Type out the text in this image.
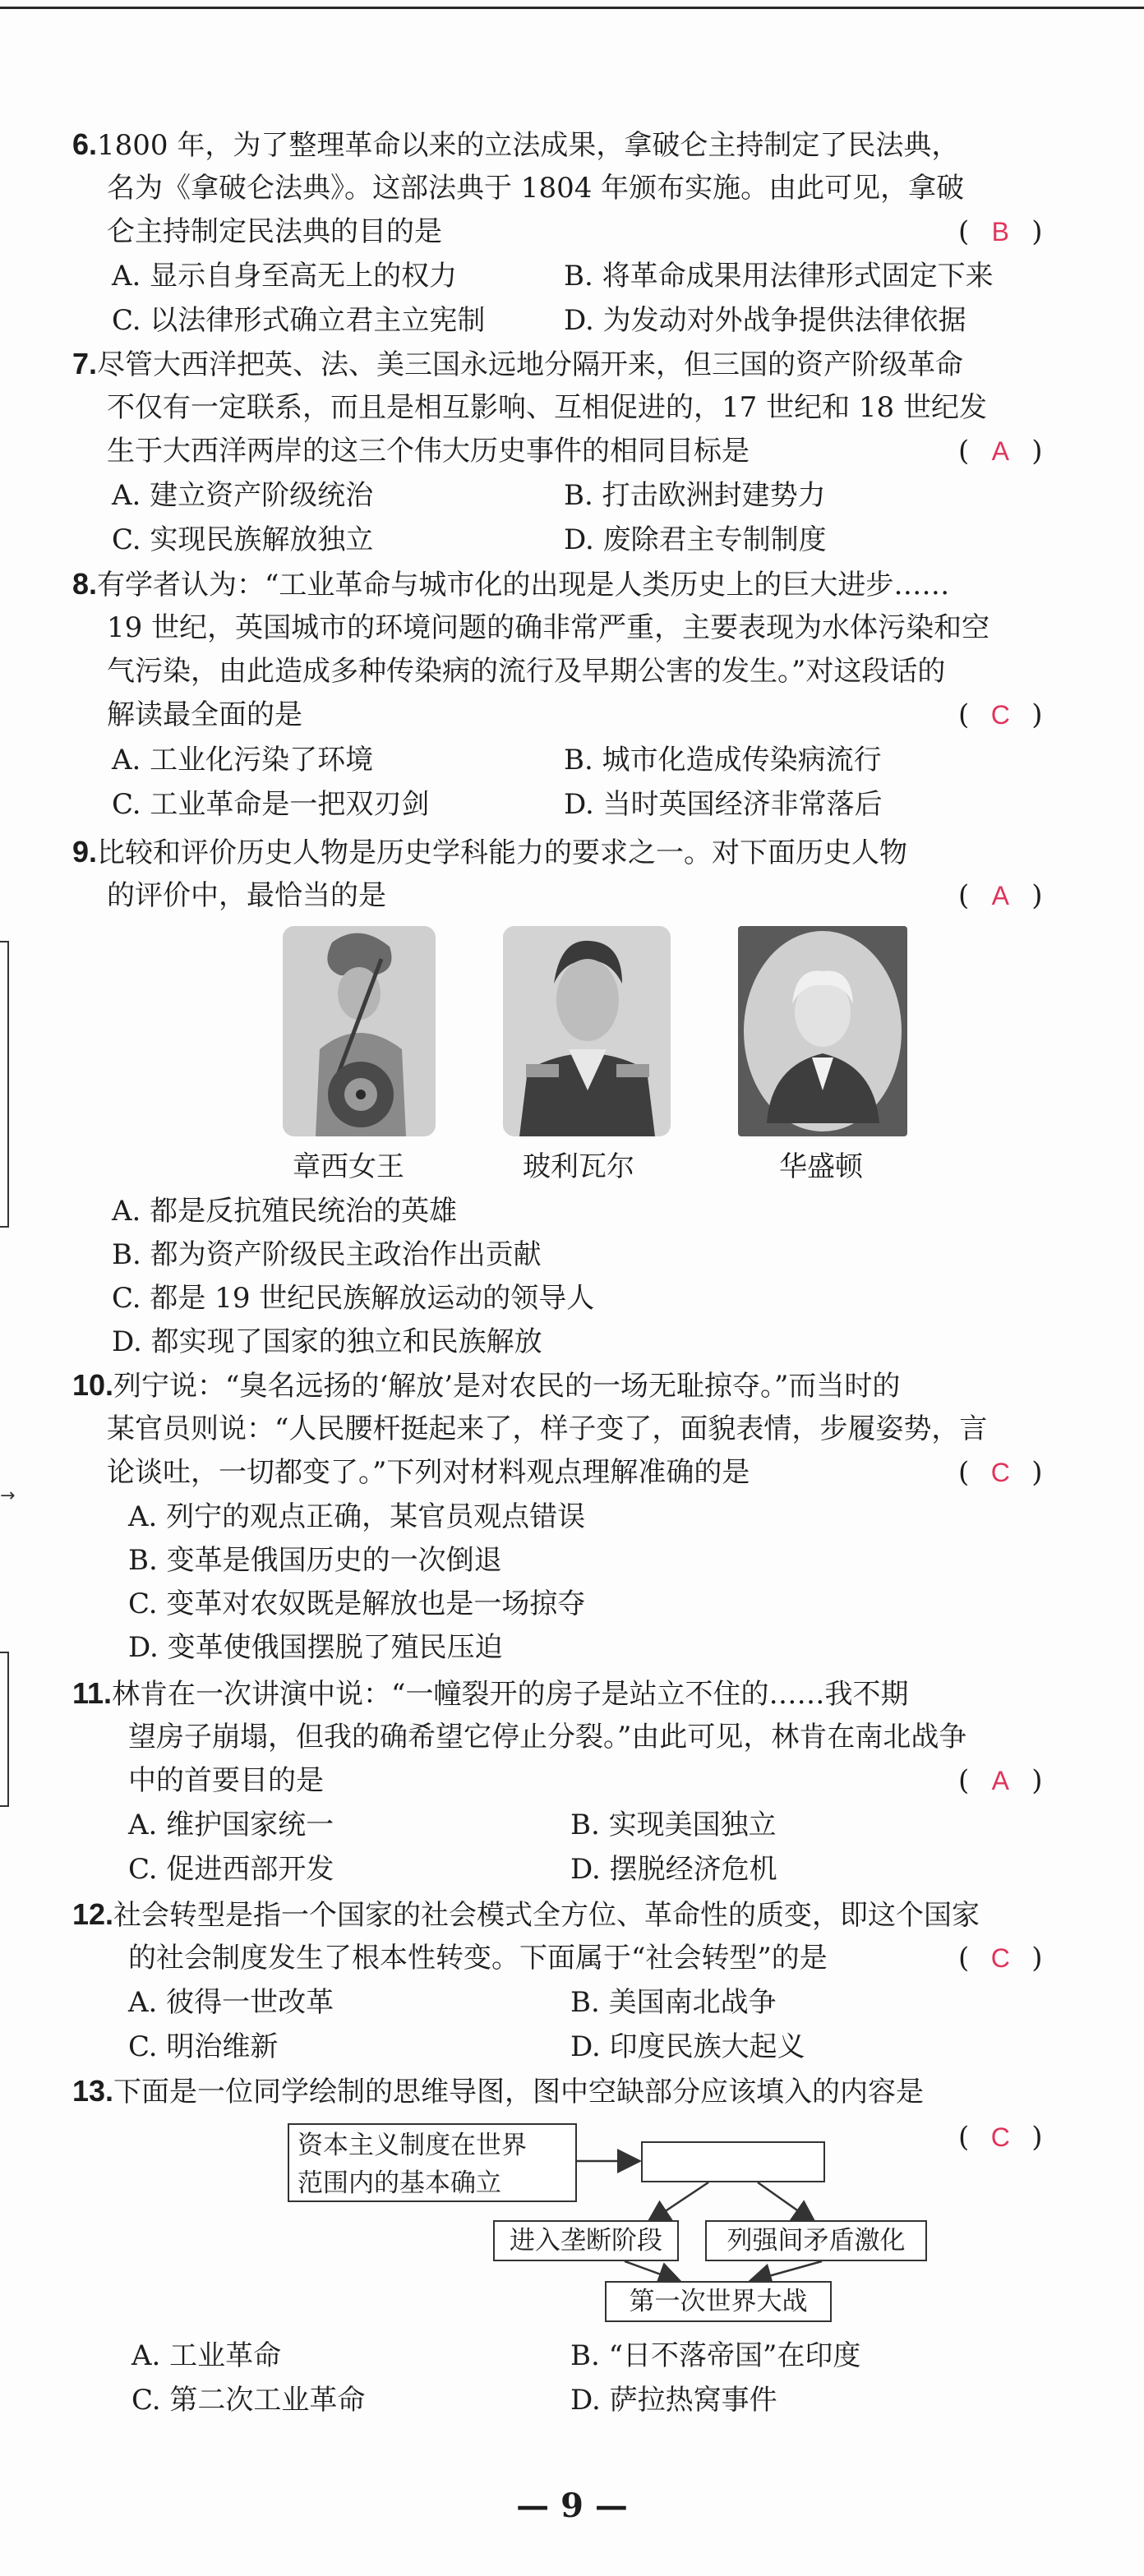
→
6.1800 年，为了整理革命以来的立法成果，拿破仑主持制定了民法典，
名为《拿破仑法典》。这部法典于 1804 年颁布实施。由此可见，拿破
仑主持制定民法典的目的是	( B )
A. 显示自身至高无上的权力	B. 将革命成果用法律形式固定下来
C. 以法律形式确立君主立宪制	D. 为发动对外战争提供法律依据
7.尽管大西洋把英、法、美三国永远地分隔开来，但三国的资产阶级革命
不仅有一定联系，而且是相互影响、互相促进的，17 世纪和 18 世纪发
生于大西洋两岸的这三个伟大历史事件的相同目标是	( A )
A. 建立资产阶级统治	B. 打击欧洲封建势力
C. 实现民族解放独立	D. 废除君主专制制度
8.有学者认为：“工业革命与城市化的出现是人类历史上的巨大进步……
19 世纪，英国城市的环境问题的确非常严重，主要表现为水体污染和空
气污染，由此造成多种传染病的流行及早期公害的发生。”对这段话的
解读最全面的是	( C )
A. 工业化污染了环境	B. 城市化造成传染病流行
C. 工业革命是一把双刃剑	D. 当时英国经济非常落后
9.比较和评价历史人物是历史学科能力的要求之一。对下面历史人物
的评价中，最恰当的是	( A )
章西女王	玻利瓦尔	华盛顿
A. 都是反抗殖民统治的英雄
B. 都为资产阶级民主政治作出贡献
C. 都是 19 世纪民族解放运动的领导人
D. 都实现了国家的独立和民族解放
10.列宁说：“臭名远扬的‘解放’是对农民的一场无耻掠夺。”而当时的
某官员则说：“人民腰杆挺起来了，样子变了，面貌表情，步履姿势，言
论谈吐，一切都变了。”下列对材料观点理解准确的是	( C )
A. 列宁的观点正确，某官员观点错误
B. 变革是俄国历史的一次倒退
C. 变革对农奴既是解放也是一场掠夺
D. 变革使俄国摆脱了殖民压迫
11.林肯在一次讲演中说：“一幢裂开的房子是站立不住的……我不期
望房子崩塌，但我的确希望它停止分裂。”由此可见，林肯在南北战争
中的首要目的是	( A )
A. 维护国家统一	B. 实现美国独立
C. 促进西部开发	D. 摆脱经济危机
12.社会转型是指一个国家的社会模式全方位、革命性的质变，即这个国家
的社会制度发生了根本性转变。下面属于“社会转型”的是	( C )
A. 彼得一世改革	B. 美国南北战争
C. 明治维新	D. 印度民族大起义
13.下面是一位同学绘制的思维导图，图中空缺部分应该填入的内容是
( C )
资本主义制度在世界
范围内的基本确立
进入垄断阶段	列强间矛盾激化
第一次世界大战
A. 工业革命	B. “日不落帝国”在印度
C. 第二次工业革命	D. 萨拉热窝事件
— 9 —
